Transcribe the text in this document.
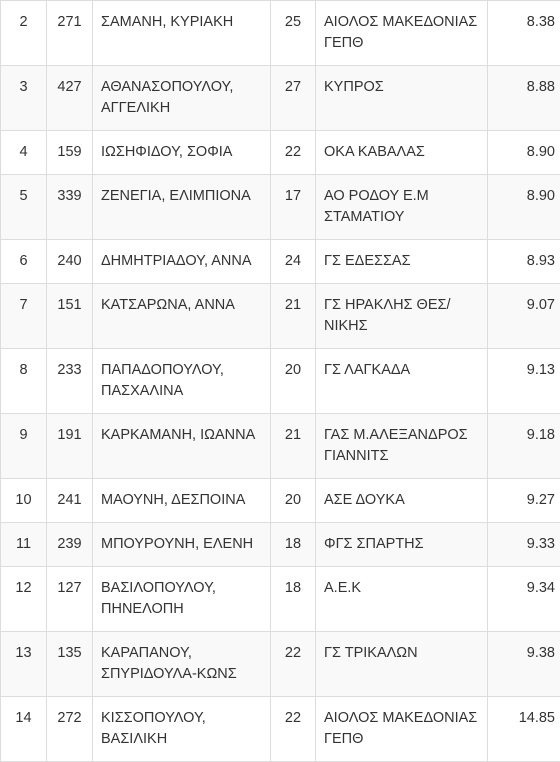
2	271	ΣΑΜΑΝΗ, ΚΥΡΙΑΚΗ	25	ΑΙΟΛΟΣ ΜΑΚΕΔΟΝΙΑΣ ΓΕΠΘ	8.38
3	427	ΑΘΑΝΑΣΟΠΟΥΛΟΥ, ΑΓΓΕΛΙΚΗ	27	ΚΥΠΡΟΣ	8.88
4	159	ΙΩΣΗΦΙΔΟΥ, ΣΟΦΙΑ	22	ΟΚΑ ΚΑΒΑΛΑΣ	8.90
5	339	ΖΕΝΕΓΙΑ, ΕΛΙΜΠΙΟΝΑ	17	ΑΟ ΡΟΔΟΥ Ε.Μ ΣΤΑΜΑΤΙΟΥ	8.90
6	240	ΔΗΜΗΤΡΙΑΔΟΥ, ΑΝΝΑ	24	ΓΣ ΕΔΕΣΣΑΣ	8.93
7	151	ΚΑΤΣΑΡΩΝΑ, ΑΝΝΑ	21	ΓΣ ΗΡΑΚΛΗΣ ΘΕΣ/ΝΙΚΗΣ	9.07
8	233	ΠΑΠΑΔΟΠΟΥΛΟΥ, ΠΑΣΧΑΛΙΝΑ	20	ΓΣ ΛΑΓΚΑΔΑ	9.13
9	191	ΚΑΡΚΑΜΑΝΗ, ΙΩΑΝΝΑ	21	ΓΑΣ Μ.ΑΛΕΞΑΝΔΡΟΣ ΓΙΑΝΝΙΤΣ	9.18
10	241	ΜΑΟΥΝΗ, ΔΕΣΠΟΙΝΑ	20	ΑΣΕ ΔΟΥΚΑ	9.27
11	239	ΜΠΟΥΡΟΥΝΗ, ΕΛΕΝΗ	18	ΦΓΣ ΣΠΑΡΤΗΣ	9.33
12	127	ΒΑΣΙΛΟΠΟΥΛΟΥ, ΠΗΝΕΛΟΠΗ	18	Α.Ε.Κ	9.34
13	135	ΚΑΡΑΠΑΝΟΥ, ΣΠΥΡΙΔΟΥΛΑ-ΚΩΝΣ	22	ΓΣ ΤΡΙΚΑΛΩΝ	9.38
14	272	ΚΙΣΣΟΠΟΥΛΟΥ, ΒΑΣΙΛΙΚΗ	22	ΑΙΟΛΟΣ ΜΑΚΕΔΟΝΙΑΣ ΓΕΠΘ	14.85
